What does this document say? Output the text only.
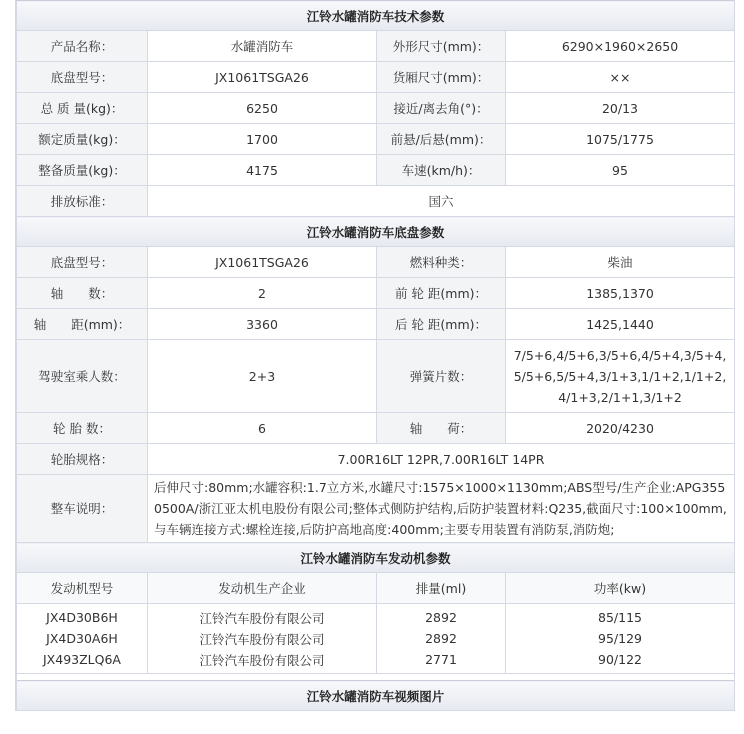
江铃水罐消防车技术参数			
产品名称：	水罐消防车	外形尺寸(mm)：	6290×1960×2650
底盘型号：	JX1061TSGA26	货厢尺寸(mm)：	××
总 质 量(kg)：	6250	接近/离去角(°)：	20/13
额定质量(kg)：	1700	前悬/后悬(mm)：	1075/1775
整备质量(kg)：	4175	车速(km/h)：	95
排放标准：	国六		
江铃水罐消防车底盘参数			
底盘型号：	JX1061TSGA26	燃料种类：	柴油
轴　　数：	2	前 轮 距(mm)：	1385,1370
轴　　距(mm)：	3360	后 轮 距(mm)：	1425,1440
驾驶室乘人数：	2+3	弹簧片数：	7/5+6,4/5+6,3/5+6,4/5+4,3/5+4,5/5+6,5/5+4,3/1+3,1/1+2,1/1+2,4/1+3,2/1+1,3/1+2
轮 胎 数：	6	轴　　荷：	2020/4230
轮胎规格：	7.00R16LT 12PR,7.00R16LT 14PR		
整车说明：	后伸尺寸:80mm;水罐容积:1.7立方米,水罐尺寸:1575×1000×1130mm;ABS型号/生产企业:APG3550500A/浙江亚太机电股份有限公司;整体式侧防护结构,后防护装置材料:Q235,截面尺寸:100×100mm,与车辆连接方式:螺栓连接,后防护高地高度:400mm;主要专用装置有消防泵,消防炮;		
江铃水罐消防车发动机参数			
发动机型号	发动机生产企业	排量(ml)	功率(kw)
JX4D30B6H	江铃汽车股份有限公司	2892	85/115
JX4D30A6H	江铃汽车股份有限公司	2892	95/129
JX493ZLQ6A	江铃汽车股份有限公司	2771	90/122

江铃水罐消防车视频图片			
